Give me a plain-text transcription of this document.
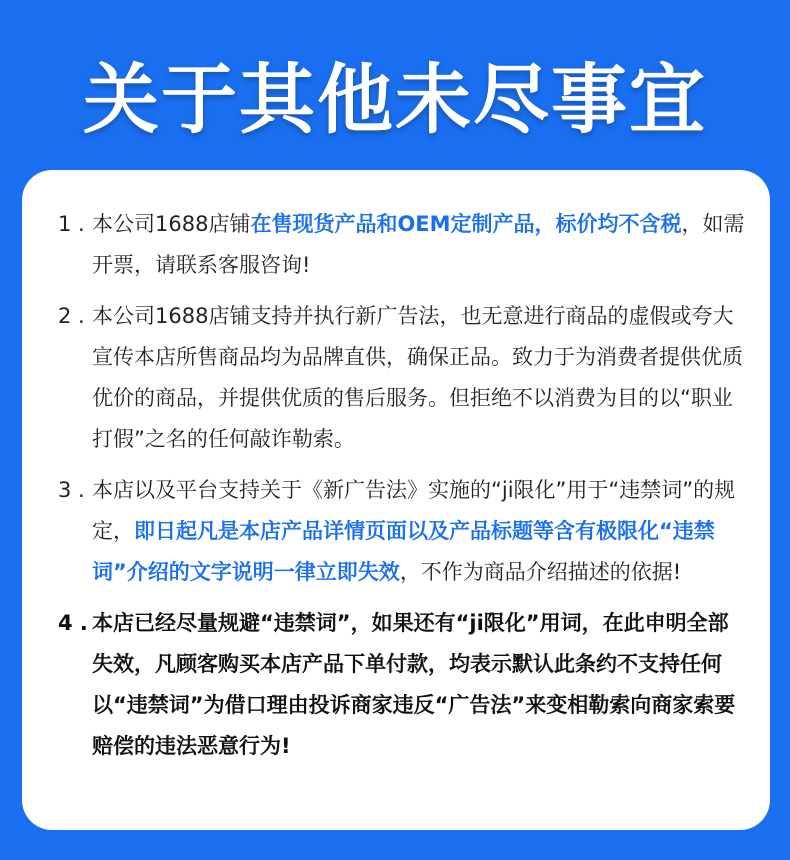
关于其他未尽事宜
1 . 本公司1688店铺在售现货产品和OEM定制产品，标价均不含税，如需开票，请联系客服咨询!
2 . 本公司1688店铺支持并执行新广告法，也无意进行商品的虚假或夸大宣传本店所售商品均为品牌直供，确保正品。致力于为消费者提供优质优价的商品，并提供优质的售后服务。但拒绝不以消费为目的以“职业打假”之名的任何敲诈勒索。
3 . 本店以及平台支持关于《新广告法》实施的“ji限化”用于“违禁词”的规定，即日起凡是本店产品详情页面以及产品标题等含有极限化“违禁词”介绍的文字说明一律立即失效，不作为商品介绍描述的依据!
4 . 本店已经尽量规避“违禁词”，如果还有“ji限化”用词，在此申明全部失效，凡顾客购买本店产品下单付款，均表示默认此条约不支持任何以“违禁词”为借口理由投诉商家违反“广告法”来变相勒索向商家索要赔偿的违法恶意行为!
